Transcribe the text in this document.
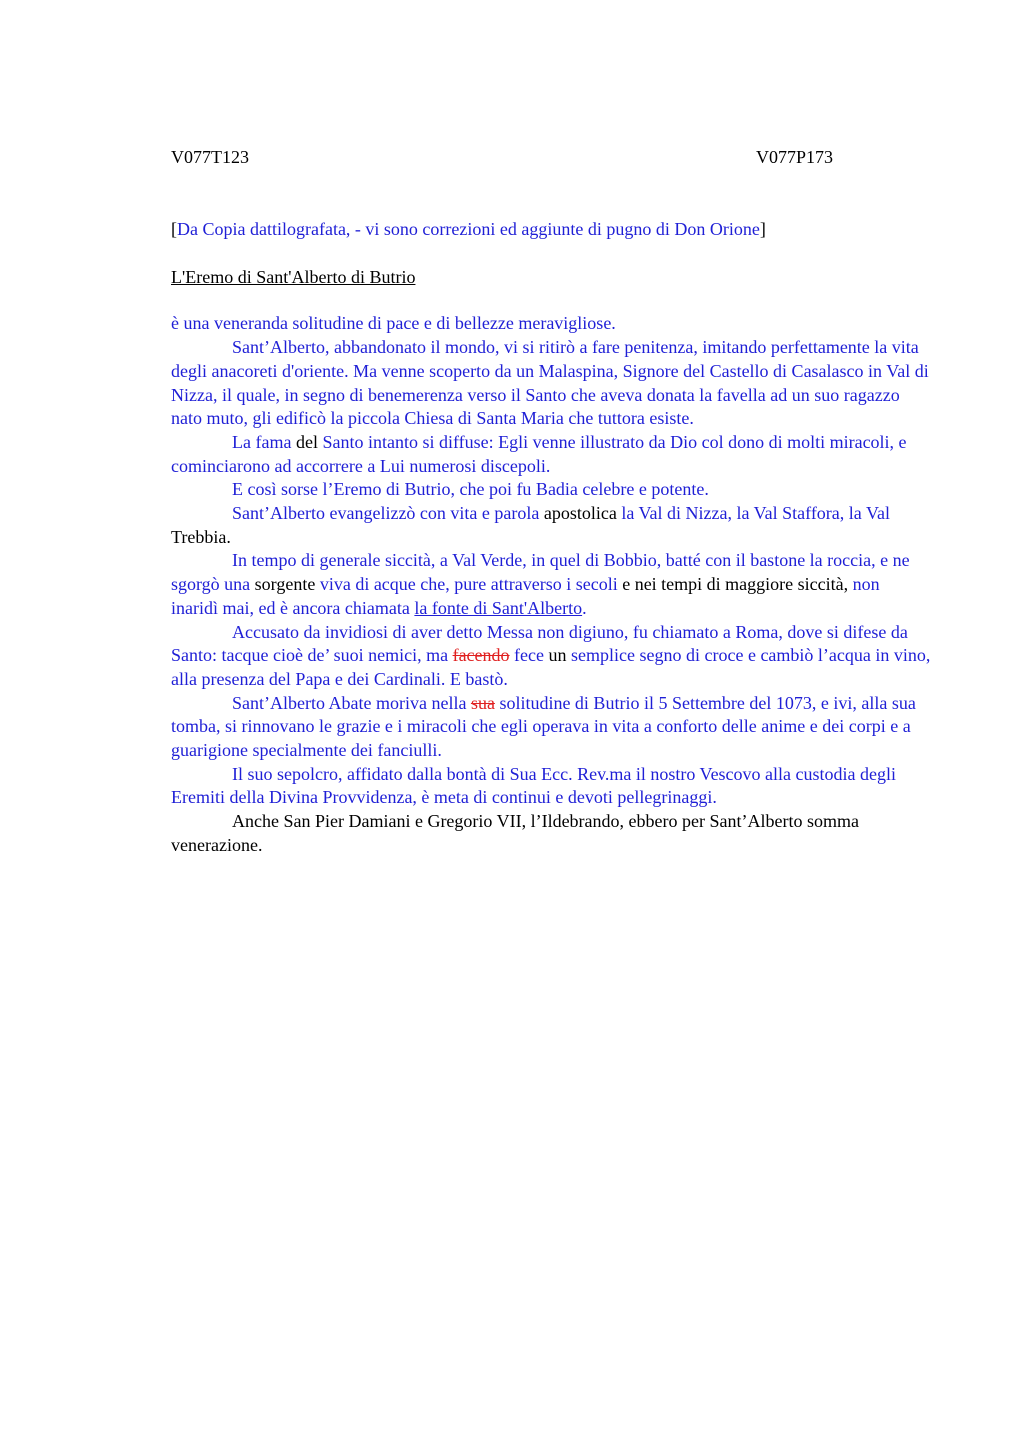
V077T123	V077P173
[Da Copia dattilografata, - vi sono correzioni ed aggiunte di pugno di Don Orione]
L'Eremo di Sant'Alberto di Butrio

è una veneranda solitudine di pace e di bellezze meravigliose.

Sant’Alberto, abbandonato il mondo, vi si ritirò a fare penitenza, imitando perfettamente la vita degli anacoreti d'oriente. Ma venne scoperto da un Malaspina, Signore del Castello di Casalasco in Val di Nizza, il quale, in segno di benemerenza verso il Santo che aveva donata la favella ad un suo ragazzo nato muto, gli edificò la piccola Chiesa di Santa Maria che tuttora esiste.

La fama del Santo intanto si diffuse: Egli venne illustrato da Dio col dono di molti miracoli, e cominciarono ad accorrere a Lui numerosi discepoli.

E così sorse l’Eremo di Butrio, che poi fu Badia celebre e potente.

Sant’Alberto evangelizzò con vita e parola apostolica la Val di Nizza, la Val Staffora, la Val Trebbia.

In tempo di generale siccità, a Val Verde, in quel di Bobbio, batté con il bastone la roccia, e ne sgorgò una sorgente viva di acque che, pure attraverso i secoli e nei tempi di maggiore siccità, non inaridì mai, ed è ancora chiamata la fonte di Sant'Alberto.

Accusato da invidiosi di aver detto Messa non digiuno, fu chiamato a Roma, dove si difese da Santo: tacque cioè de’ suoi nemici, ma facendo fece un semplice segno di croce e cambiò l’acqua in vino, alla presenza del Papa e dei Cardinali. E bastò.

Sant’Alberto Abate moriva nella sua solitudine di Butrio il 5 Settembre del 1073, e ivi, alla sua tomba, si rinnovano le grazie e i miracoli che egli operava in vita a conforto delle anime e dei corpi e a guarigione specialmente dei fanciulli.

Il suo sepolcro, affidato dalla bontà di Sua Ecc. Rev.ma il nostro Vescovo alla custodia degli Eremiti della Divina Provvidenza, è meta di continui e devoti pellegrinaggi.

Anche San Pier Damiani e Gregorio VII, l’Ildebrando, ebbero per Sant’Alberto somma venerazione.
